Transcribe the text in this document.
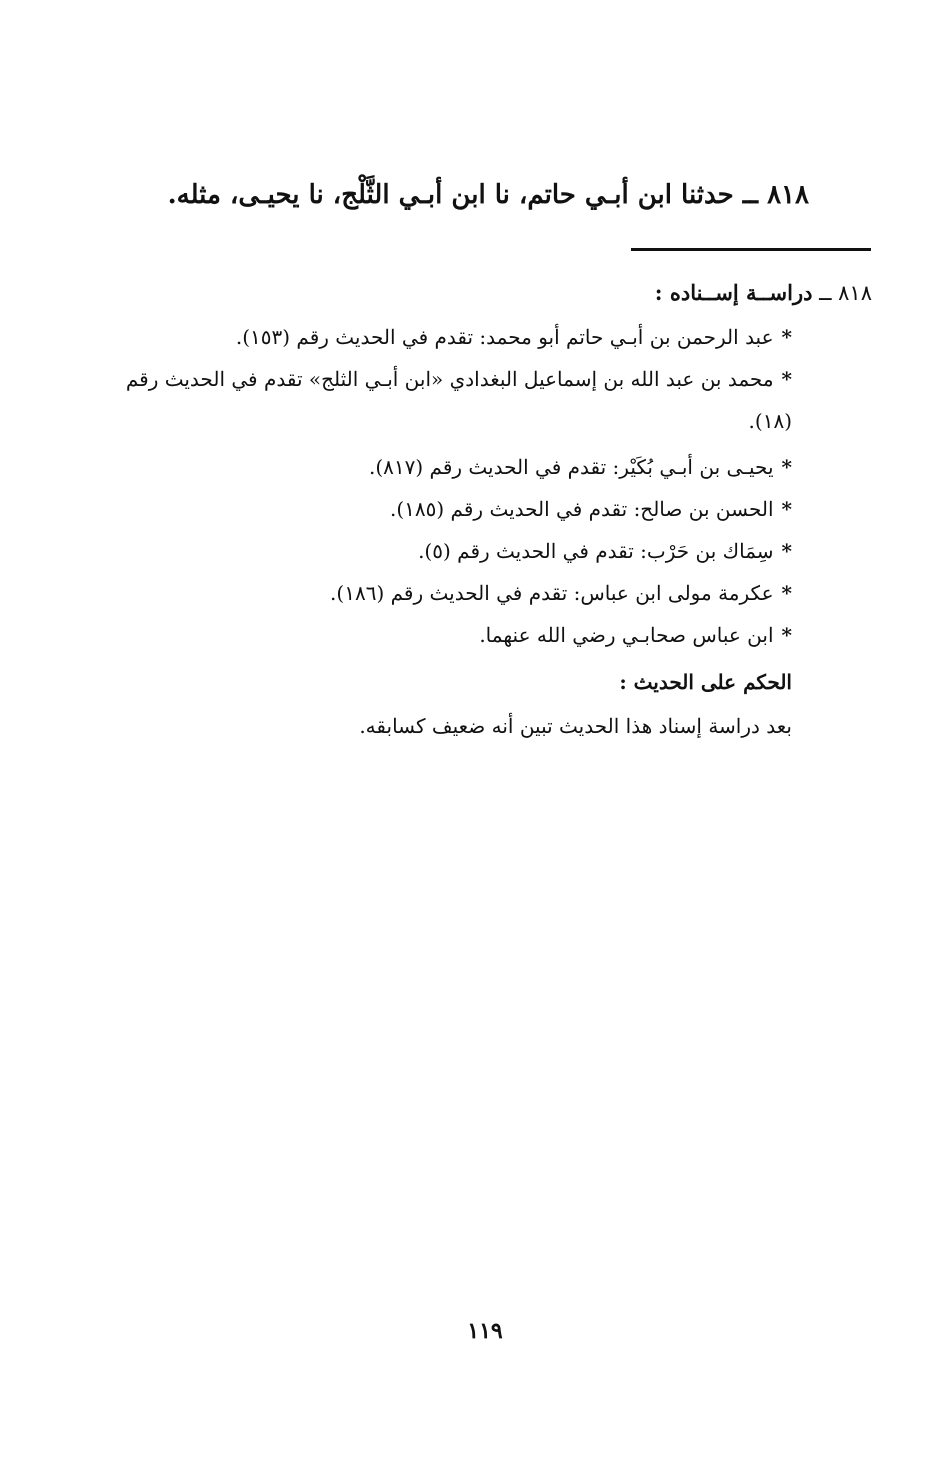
٨١٨ ــ حدثنا ابن أبـي حاتم، نا ابن أبـي الثَّلْج، نا يحيـى، مثله.
٨١٨ ــ دراســة إســناده :
*عبد الرحمن بن أبـي حاتم أبو محمد: تقدم في الحديث رقم (١٥٣).
*محمد بن عبد الله بن إسماعيل البغدادي «ابن أبـي الثلج» تقدم في الحديث رقم (١٨).
*يحيـى بن أبـي بُكَيْر: تقدم في الحديث رقم (٨١٧).
*الحسن بن صالح: تقدم في الحديث رقم (١٨٥).
*سِمَاك بن حَرْب: تقدم في الحديث رقم (٥).
*عكرمة مولى ابن عباس: تقدم في الحديث رقم (١٨٦).
*ابن عباس صحابـي رضي الله عنهما.
الحكم على الحديث :
بعد دراسة إسناد هذا الحديث تبين أنه ضعيف كسابقه.
١١٩
